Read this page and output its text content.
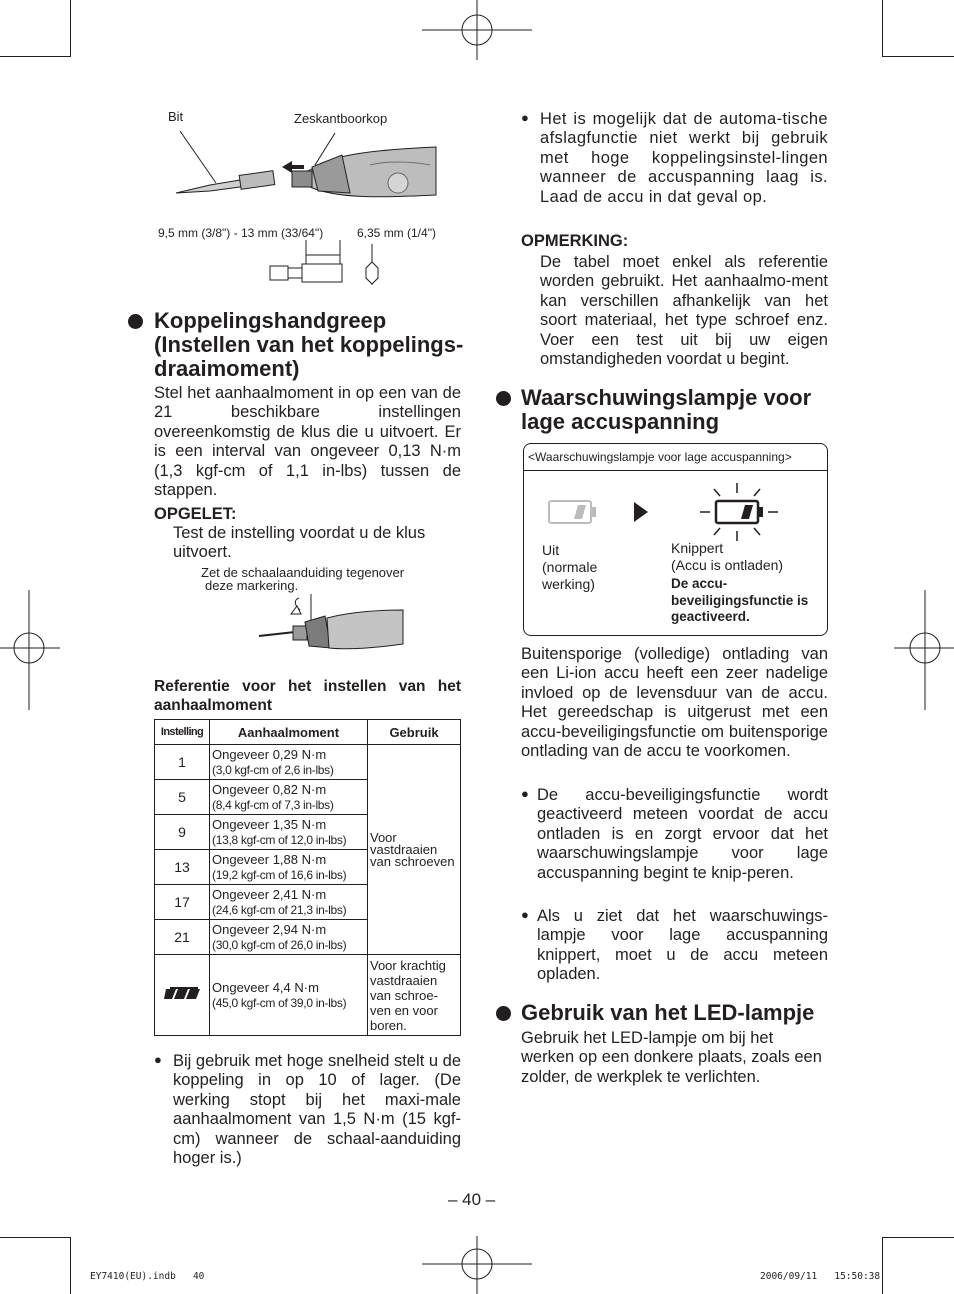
Bit	Zeskantboorkop
9,5 mm (3/8") - 13 mm (33/64")	6,35 mm (1/4")
Koppelingshandgreep
(Instellen van het koppelings-
draaimoment)
Stel het aanhaalmoment in op een van de 21 beschikbare instellingen overeenkomstig de klus die u uitvoert. Er is een interval van ongeveer 0,13 N·m (1,3 kgf-cm of 1,1 in-lbs) tussen de stappen.
OPGELET:
Test de instelling voordat u de klus uitvoert.
Zet de schaalaanduiding tegenover
deze markering.
Referentie voor het instellen van het aanhaalmoment
Instelling	Aanhaalmoment	Gebruik
1	Ongeveer 0,29 N·m
(3,0 kgf-cm of 2,6 in-lbs)	Voor vastdraaien van schroeven
5	Ongeveer 0,82 N·m
(8,4 kgf-cm of 7,3 in-lbs)	
9	Ongeveer 1,35 N·m
(13,8 kgf-cm of 12,0 in-lbs)	
13	Ongeveer 1,88 N·m
(19,2 kgf-cm of 16,6 in-lbs)	
17	Ongeveer 2,41 N·m
(24,6 kgf-cm of 21,3 in-lbs)	
21	Ongeveer 2,94 N·m
(30,0 kgf-cm of 26,0 in-lbs)	

Ongeveer 4,4 N·m
(45,0 kgf-cm of 39,0 in-lbs)	Voor krachtig vastdraaien van schroe-ven en voor boren.
● Bij gebruik met hoge snelheid stelt u de koppeling in op 10 of lager. (De werking stopt bij het maxi-male aanhaalmoment van 1,5 N·m (15 kgf-cm) wanneer de schaal-aanduiding hoger is.)
● Het is mogelijk dat de automa-tische afslagfunctie niet werkt bij gebruik met hoge koppelingsinstel-lingen wanneer de accuspanning laag is. Laad de accu in dat geval op.
OPMERKING:
De tabel moet enkel als referentie worden gebruikt. Het aanhaalmo-ment kan verschillen afhankelijk van het soort materiaal, het type schroef enz. Voer een test uit bij uw eigen omstandigheden voordat u begint.
Waarschuwingslampje voor
lage accuspanning
<Waarschuwingslampje voor lage accuspanning>
Uit
(normale
werking)
Knippert
(Accu is ontladen)
De accu-beveiligingsfunctie is geactiveerd.
Buitensporige (volledige) ontlading van een Li-ion accu heeft een zeer nadelige invloed op de levensduur van de accu. Het gereedschap is uitgerust met een accu-beveiligingsfunctie om buitensporige ontlading van de accu te voorkomen.
● De accu-beveiligingsfunctie wordt geactiveerd meteen voordat de accu ontladen is en zorgt ervoor dat het waarschuwingslampje voor lage accuspanning begint te knip-peren.
● Als u ziet dat het waarschuwings-lampje voor lage accuspanning knippert, moet u de accu meteen opladen.
Gebruik van het LED-lampje
Gebruik het LED-lampje om bij het werken op een donkere plaats, zoals een zolder, de werkplek te verlichten.
– 40 –
EY7410(EU).indb   40	2006/09/11   15:50:38
